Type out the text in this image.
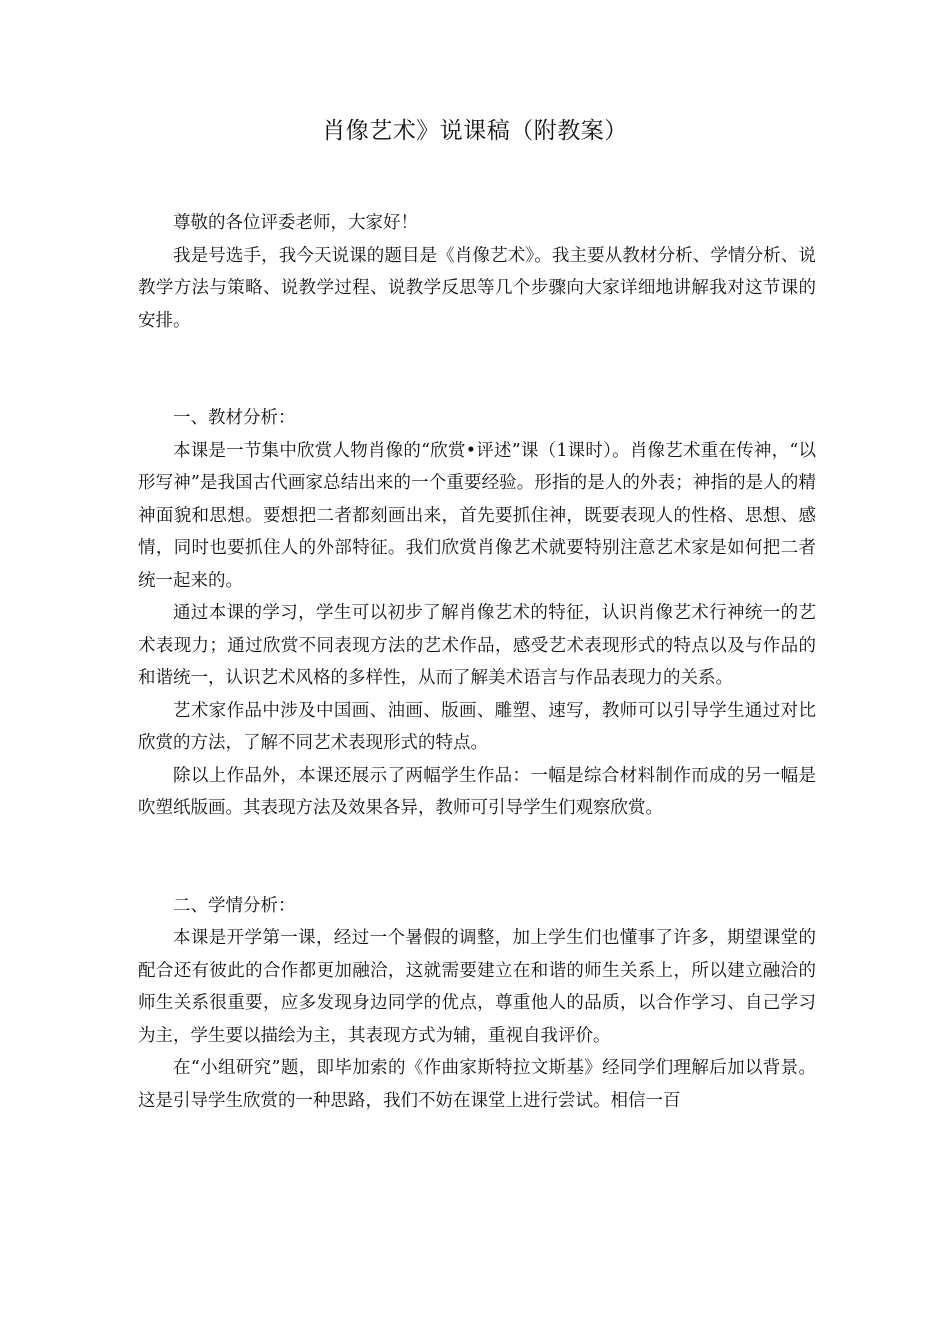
肖像艺术》说课稿（附教案）

尊敬的各位评委老师，大家好！

我是号选手，我今天说课的题目是《肖像艺术》。我主要从教材分析、学情分析、说教学方法与策略、说教学过程、说教学反思等几个步骤向大家详细地讲解我对这节课的安排。

一、教材分析：

本课是一节集中欣赏人物肖像的“欣赏•评述”课（1课时）。肖像艺术重在传神，“以形写神”是我国古代画家总结出来的一个重要经验。形指的是人的外表；神指的是人的精神面貌和思想。要想把二者都刻画出来，首先要抓住神，既要表现人的性格、思想、感情，同时也要抓住人的外部特征。我们欣赏肖像艺术就要特别注意艺术家是如何把二者统一起来的。

通过本课的学习，学生可以初步了解肖像艺术的特征，认识肖像艺术行神统一的艺术表现力；通过欣赏不同表现方法的艺术作品，感受艺术表现形式的特点以及与作品的和谐统一，认识艺术风格的多样性，从而了解美术语言与作品表现力的关系。

艺术家作品中涉及中国画、油画、版画、雕塑、速写，教师可以引导学生通过对比欣赏的方法，了解不同艺术表现形式的特点。

除以上作品外，本课还展示了两幅学生作品：一幅是综合材料制作而成的另一幅是吹塑纸版画。其表现方法及效果各异，教师可引导学生们观察欣赏。

二、学情分析：

本课是开学第一课，经过一个暑假的调整，加上学生们也懂事了许多，期望课堂的配合还有彼此的合作都更加融洽，这就需要建立在和谐的师生关系上，所以建立融洽的师生关系很重要，应多发现身边同学的优点，尊重他人的品质，以合作学习、自己学习为主，学生要以描绘为主，其表现方式为辅，重视自我评价。

在“小组研究”题，即毕加索的《作曲家斯特拉文斯基》经同学们理解后加以背景。这是引导学生欣赏的一种思路，我们不妨在课堂上进行尝试。相信一百
